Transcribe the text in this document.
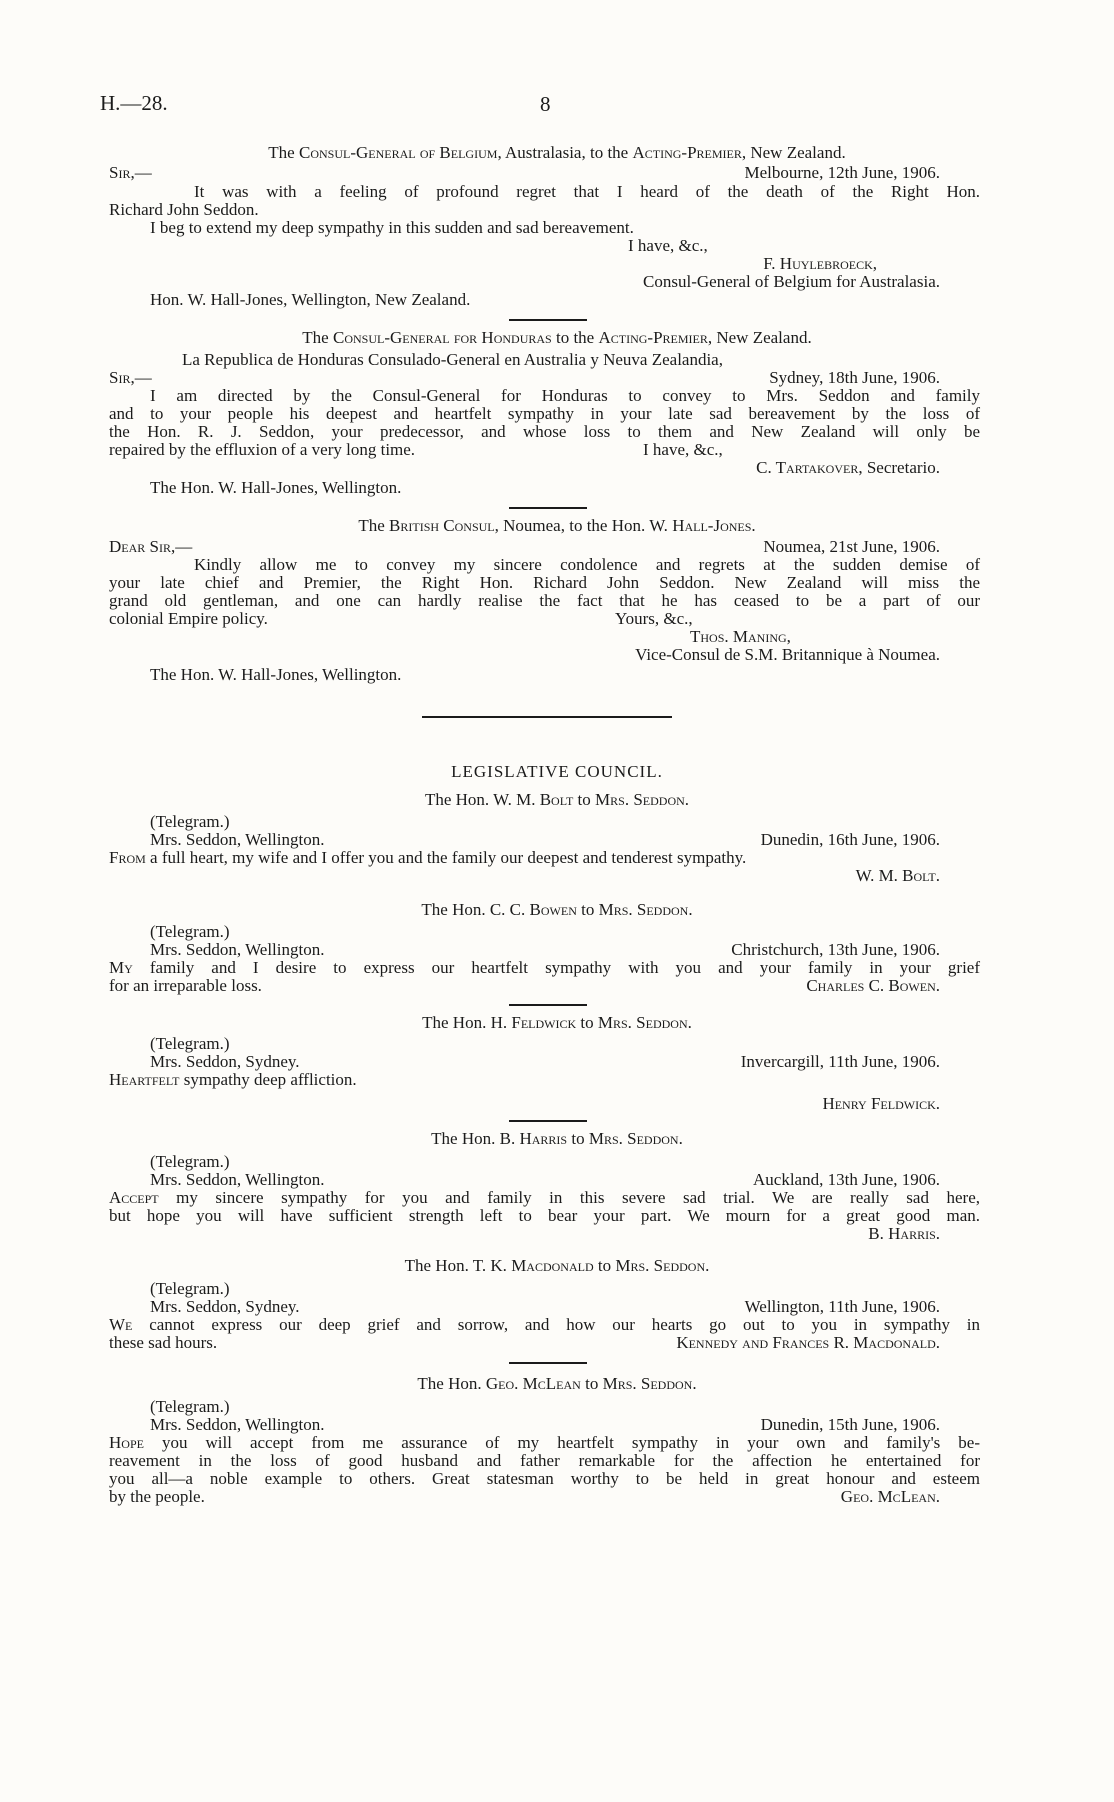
H.—28.	8
The Consul-General of Belgium, Australasia, to the Acting-Premier, New Zealand.
Sir,—	Melbourne, 12th June, 1906.
It was with a feeling of profound regret that I heard of the death of the Right Hon.
Richard John Seddon.
I beg to extend my deep sympathy in this sudden and sad bereavement.
I have, &c.,
F. Huylebroeck,
Consul-General of Belgium for Australasia.
Hon. W. Hall-Jones, Wellington, New Zealand.
The Consul-General for Honduras to the Acting-Premier, New Zealand.
La Republica de Honduras Consulado-General en Australia y Neuva Zealandia,
Sir,—	Sydney, 18th June, 1906.
I am directed by the Consul-General for Honduras to convey to Mrs. Seddon and family
and to your people his deepest and heartfelt sympathy in your late sad bereavement by the loss of
the Hon. R. J. Seddon, your predecessor, and whose loss to them and New Zealand will only be
repaired by the effluxion of a very long time.	I have, &c.,
C. Tartakover, Secretario.
The Hon. W. Hall-Jones, Wellington.
The British Consul, Noumea, to the Hon. W. Hall-Jones.
Dear Sir,—	Noumea, 21st June, 1906.
Kindly allow me to convey my sincere condolence and regrets at the sudden demise of
your late chief and Premier, the Right Hon. Richard John Seddon. New Zealand will miss the
grand old gentleman, and one can hardly realise the fact that he has ceased to be a part of our
colonial Empire policy.	Yours, &c.,
Thos. Maning,
Vice-Consul de S.M. Britannique à Noumea.
The Hon. W. Hall-Jones, Wellington.
LEGISLATIVE COUNCIL.
The Hon. W. M. Bolt to Mrs. Seddon.
(Telegram.)
Mrs. Seddon, Wellington.	Dunedin, 16th June, 1906.
From a full heart, my wife and I offer you and the family our deepest and tenderest sympathy.
W. M. Bolt.
The Hon. C. C. Bowen to Mrs. Seddon.
(Telegram.)
Mrs. Seddon, Wellington.	Christchurch, 13th June, 1906.
My family and I desire to express our heartfelt sympathy with you and your family in your grief
for an irreparable loss.	Charles C. Bowen.
The Hon. H. Feldwick to Mrs. Seddon.
(Telegram.)
Mrs. Seddon, Sydney.	Invercargill, 11th June, 1906.
Heartfelt sympathy deep affliction.
Henry Feldwick.
The Hon. B. Harris to Mrs. Seddon.
(Telegram.)
Mrs. Seddon, Wellington.	Auckland, 13th June, 1906.
Accept my sincere sympathy for you and family in this severe sad trial. We are really sad here,
but hope you will have sufficient strength left to bear your part. We mourn for a great good man.
B. Harris.
The Hon. T. K. Macdonald to Mrs. Seddon.
(Telegram.)
Mrs. Seddon, Sydney.	Wellington, 11th June, 1906.
We cannot express our deep grief and sorrow, and how our hearts go out to you in sympathy in
these sad hours.	Kennedy and Frances R. Macdonald.
The Hon. Geo. McLean to Mrs. Seddon.
(Telegram.)
Mrs. Seddon, Wellington.	Dunedin, 15th June, 1906.
Hope you will accept from me assurance of my heartfelt sympathy in your own and family's be-
reavement in the loss of good husband and father remarkable for the affection he entertained for
you all—a noble example to others. Great statesman worthy to be held in great honour and esteem
by the people.	Geo. McLean.
